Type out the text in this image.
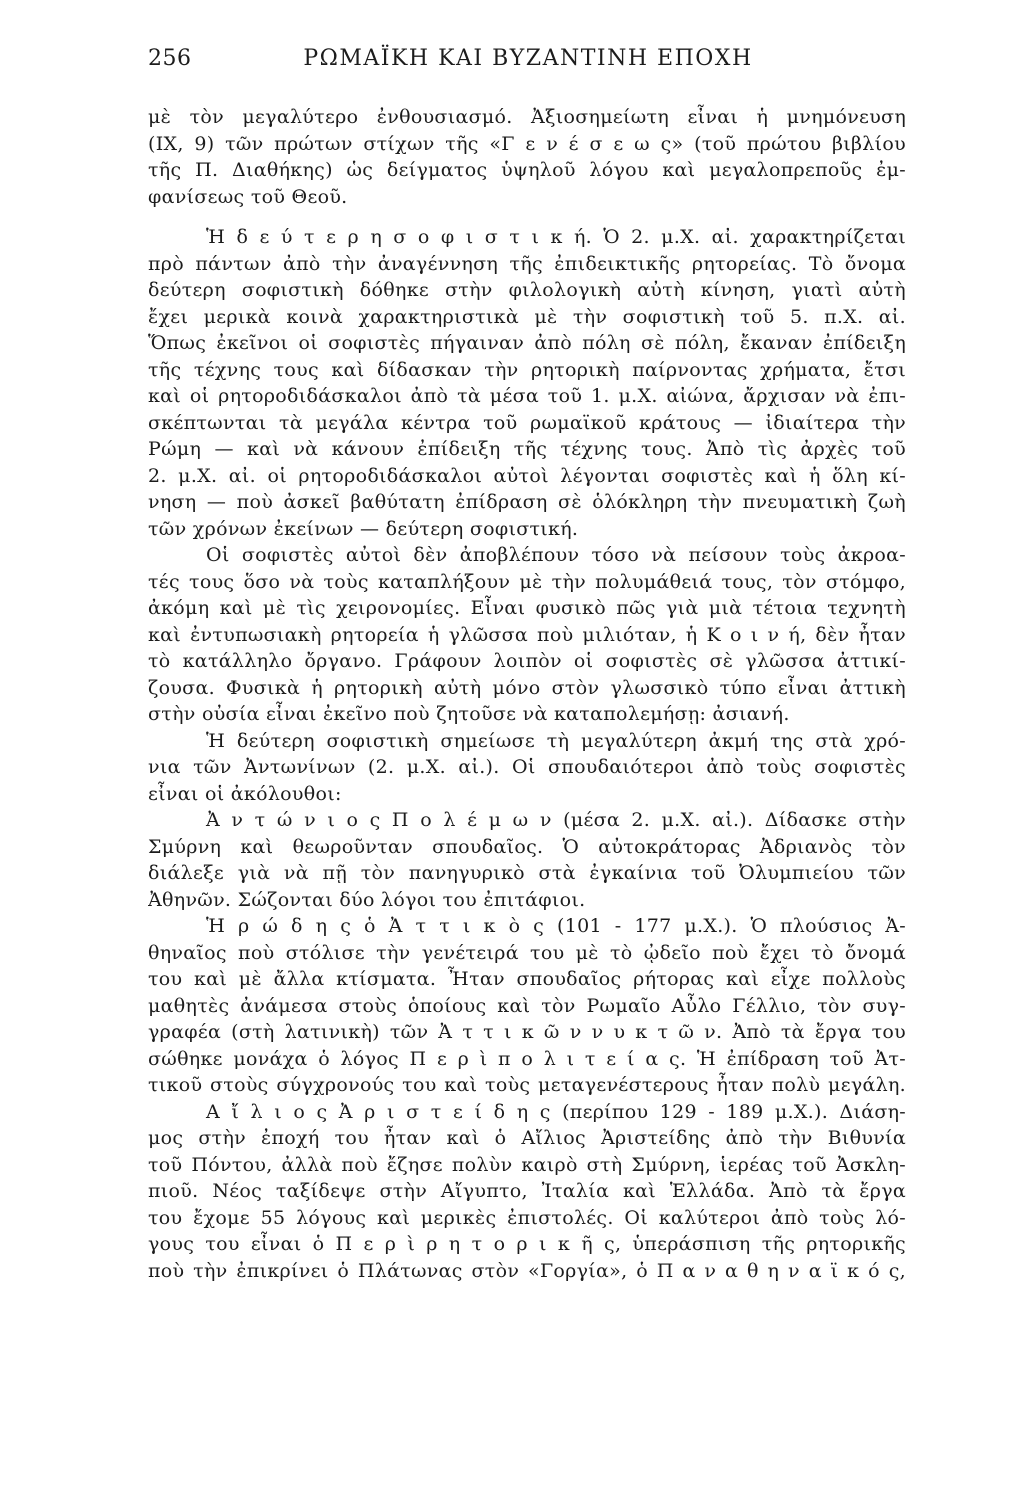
256	ΡΩΜΑΪΚΗ ΚΑΙ ΒΥΖΑΝΤΙΝΗ ΕΠΟΧΗ
μὲ τὸν μεγαλύτερο ἐνθουσιασμό. Ἀξιοσημείωτη εἶναι ἡ μνημόνευση
(IX, 9) τῶν πρώτων στίχων τῆς «Γ ε ν έ σ ε ω ς» (τοῦ πρώτου βιβλίου
τῆς Π. Διαθήκης) ὡς δείγματος ὑψηλοῦ λόγου καὶ μεγαλοπρεποῦς ἐμ-
φανίσεως τοῦ Θεοῦ.
Ἡ δ ε ύ τ ε ρ η σ ο φ ι σ τ ι κ ή. Ὁ 2. μ.Χ. αἰ. χαρακτηρίζεται
πρὸ πάντων ἀπὸ τὴν ἀναγέννηση τῆς ἐπιδεικτικῆς ρητορείας. Τὸ ὄνομα
δεύτερη σοφιστικὴ δόθηκε στὴν φιλολογικὴ αὐτὴ κίνηση, γιατὶ αὐτὴ
ἔχει μερικὰ κοινὰ χαρακτηριστικὰ μὲ τὴν σοφιστικὴ τοῦ 5. π.Χ. αἰ.
Ὅπως ἐκεῖνοι οἱ σοφιστὲς πήγαιναν ἀπὸ πόλη σὲ πόλη, ἔκαναν ἐπίδειξη
τῆς τέχνης τους καὶ δίδασκαν τὴν ρητορικὴ παίρνοντας χρήματα, ἔτσι
καὶ οἱ ρητοροδιδάσκαλοι ἀπὸ τὰ μέσα τοῦ 1. μ.Χ. αἰώνα, ἄρχισαν νὰ ἐπι-
σκέπτωνται τὰ μεγάλα κέντρα τοῦ ρωμαϊκοῦ κράτους — ἰδιαίτερα τὴν
Ρώμη — καὶ νὰ κάνουν ἐπίδειξη τῆς τέχνης τους. Ἀπὸ τὶς ἀρχὲς τοῦ
2. μ.Χ. αἰ. οἱ ρητοροδιδάσκαλοι αὐτοὶ λέγονται σοφιστὲς καὶ ἡ ὅλη κί-
νηση — ποὺ ἀσκεῖ βαθύτατη ἐπίδραση σὲ ὁλόκληρη τὴν πνευματικὴ ζωὴ
τῶν χρόνων ἐκείνων — δεύτερη σοφιστική.
Οἱ σοφιστὲς αὐτοὶ δὲν ἀποβλέπουν τόσο νὰ πείσουν τοὺς ἀκροα-
τές τους ὅσο νὰ τοὺς καταπλήξουν μὲ τὴν πολυμάθειά τους, τὸν στόμφο,
ἀκόμη καὶ μὲ τὶς χειρονομίες. Εἶναι φυσικὸ πῶς γιὰ μιὰ τέτοια τεχνητὴ
καὶ ἐντυπωσιακὴ ρητορεία ἡ γλῶσσα ποὺ μιλιόταν, ἡ Κ ο ι ν ή, δὲν ἦταν
τὸ κατάλληλο ὄργανο. Γράφουν λοιπὸν οἱ σοφιστὲς σὲ γλῶσσα ἀττικί-
ζουσα. Φυσικὰ ἡ ρητορικὴ αὐτὴ μόνο στὸν γλωσσικὸ τύπο εἶναι ἀττικὴ
στὴν οὐσία εἶναι ἐκεῖνο ποὺ ζητοῦσε νὰ καταπολεμήσῃ: ἀσιανή.
Ἡ δεύτερη σοφιστικὴ σημείωσε τὴ μεγαλύτερη ἀκμή της στὰ χρό-
νια τῶν Ἀντωνίνων (2. μ.Χ. αἰ.). Οἱ σπουδαιότεροι ἀπὸ τοὺς σοφιστὲς
εἶναι οἱ ἀκόλουθοι:
Ἀ ν τ ώ ν ι ο ς Π ο λ έ μ ω ν (μέσα 2. μ.Χ. αἰ.). Δίδασκε στὴν
Σμύρνη καὶ θεωροῦνταν σπουδαῖος. Ὁ αὐτοκράτορας Ἀδριανὸς τὸν
διάλεξε γιὰ νὰ πῇ τὸν πανηγυρικὸ στὰ ἐγκαίνια τοῦ Ὀλυμπιείου τῶν
Ἀθηνῶν. Σώζονται δύο λόγοι του ἐπιτάφιοι.
Ἡ ρ ώ δ η ς ὁ Ἀ τ τ ι κ ὸ ς (101 - 177 μ.Χ.). Ὁ πλούσιος Ἀ-
θηναῖος ποὺ στόλισε τὴν γενέτειρά του μὲ τὸ ᾠδεῖο ποὺ ἔχει τὸ ὄνομά
του καὶ μὲ ἄλλα κτίσματα. Ἦταν σπουδαῖος ρήτορας καὶ εἶχε πολλοὺς
μαθητὲς ἀνάμεσα στοὺς ὁποίους καὶ τὸν Ρωμαῖο Αὖλο Γέλλιο, τὸν συγ-
γραφέα (στὴ λατινικὴ) τῶν Ἀ τ τ ι κ ῶ ν ν υ κ τ ῶ ν. Ἀπὸ τὰ ἔργα του
σώθηκε μονάχα ὁ λόγος Π ε ρ ὶ π ο λ ι τ ε ί α ς. Ἡ ἐπίδραση τοῦ Ἀτ-
τικοῦ στοὺς σύγχρονούς του καὶ τοὺς μεταγενέστερους ἦταν πολὺ μεγάλη.
Α ἴ λ ι ο ς Ἀ ρ ι σ τ ε ί δ η ς (περίπου 129 - 189 μ.Χ.). Διάση-
μος στὴν ἐποχή του ἦταν καὶ ὁ Αἴλιος Ἀριστείδης ἀπὸ τὴν Βιθυνία
τοῦ Πόντου, ἀλλὰ ποὺ ἔζησε πολὺν καιρὸ στὴ Σμύρνη, ἱερέας τοῦ Ἀσκλη-
πιοῦ. Νέος ταξίδεψε στὴν Αἴγυπτο, Ἰταλία καὶ Ἑλλάδα. Ἀπὸ τὰ ἔργα
του ἔχομε 55 λόγους καὶ μερικὲς ἐπιστολές. Οἱ καλύτεροι ἀπὸ τοὺς λό-
γους του εἶναι ὁ Π ε ρ ὶ ρ η τ ο ρ ι κ ῆ ς, ὑπεράσπιση τῆς ρητορικῆς
ποὺ τὴν ἐπικρίνει ὁ Πλάτωνας στὸν «Γοργία», ὁ Π α ν α θ η ν α ϊ κ ό ς,
